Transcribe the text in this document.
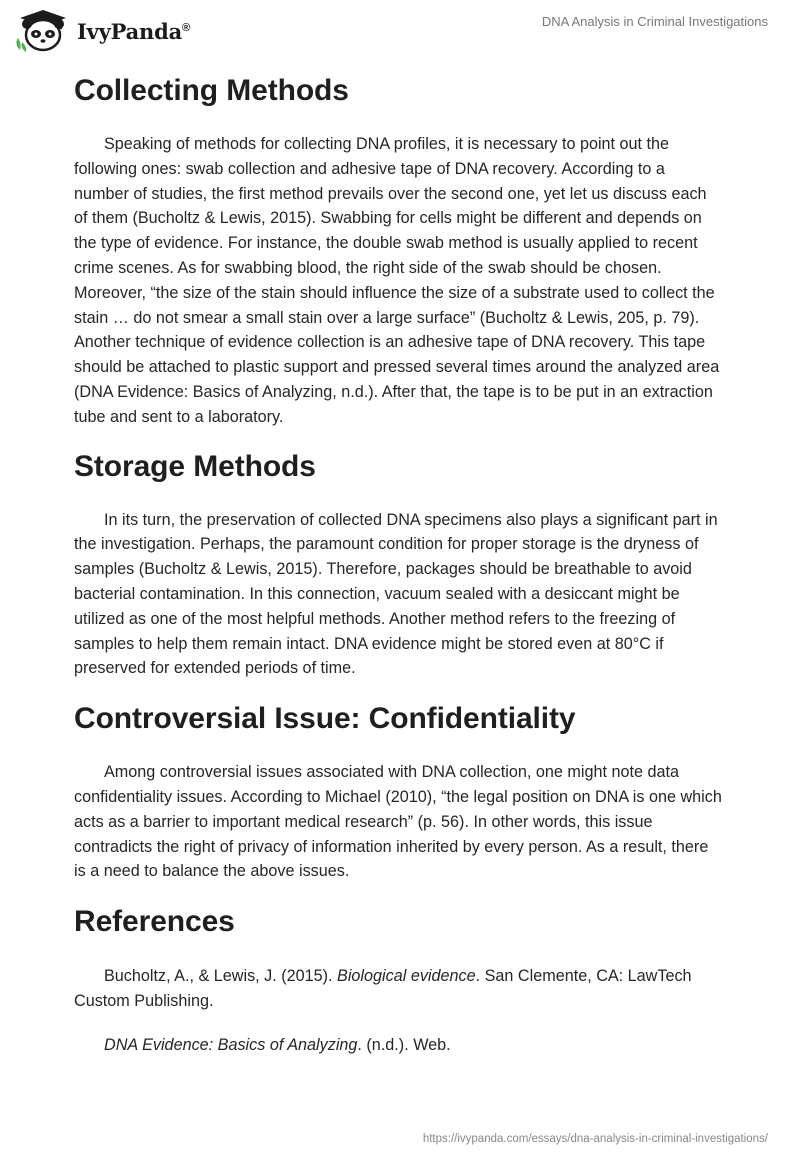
IvyPanda®	DNA Analysis in Criminal Investigations
Collecting Methods

Speaking of methods for collecting DNA profiles, it is necessary to point out the following ones: swab collection and adhesive tape of DNA recovery. According to a number of studies, the first method prevails over the second one, yet let us discuss each of them (Bucholtz & Lewis, 2015). Swabbing for cells might be different and depends on the type of evidence. For instance, the double swab method is usually applied to recent crime scenes. As for swabbing blood, the right side of the swab should be chosen. Moreover, “the size of the stain should influence the size of a substrate used to collect the stain … do not smear a small stain over a large surface” (Bucholtz & Lewis, 205, p. 79). Another technique of evidence collection is an adhesive tape of DNA recovery. This tape should be attached to plastic support and pressed several times around the analyzed area (DNA Evidence: Basics of Analyzing, n.d.). After that, the tape is to be put in an extraction tube and sent to a laboratory.

Storage Methods

In its turn, the preservation of collected DNA specimens also plays a significant part in the investigation. Perhaps, the paramount condition for proper storage is the dryness of samples (Bucholtz & Lewis, 2015). Therefore, packages should be breathable to avoid bacterial contamination. In this connection, vacuum sealed with a desiccant might be utilized as one of the most helpful methods. Another method refers to the freezing of samples to help them remain intact. DNA evidence might be stored even at 80°C if preserved for extended periods of time.

Controversial Issue: Confidentiality

Among controversial issues associated with DNA collection, one might note data confidentiality issues. According to Michael (2010), “the legal position on DNA is one which acts as a barrier to important medical research” (p. 56). In other words, this issue contradicts the right of privacy of information inherited by every person. As a result, there is a need to balance the above issues.

References

Bucholtz, A., & Lewis, J. (2015). Biological evidence. San Clemente, CA: LawTech Custom Publishing.

DNA Evidence: Basics of Analyzing. (n.d.). Web.

https://ivypanda.com/essays/dna-analysis-in-criminal-investigations/
